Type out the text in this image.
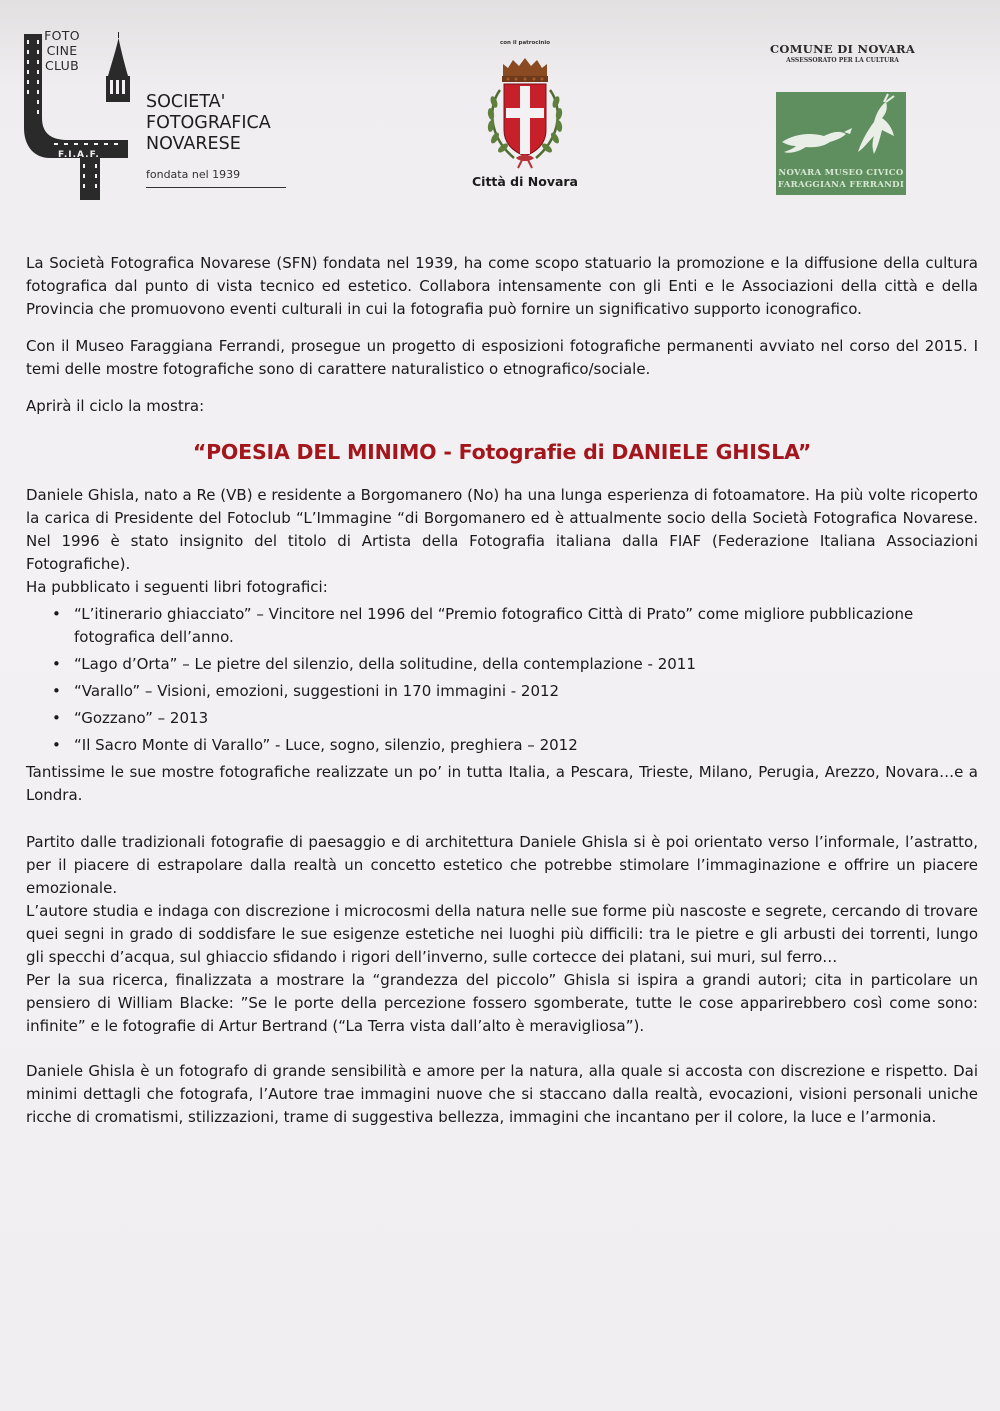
FOTO
CINE
CLUB
F.I.A.F.
SOCIETA'
FOTOGRAFICA
NOVARESE
fondata nel 1939
con il patrocinio
Città di Novara
COMUNE DI NOVARA
ASSESSORATO PER LA CULTURA
NOVARA MUSEO CIVICO
FARAGGIANA FERRANDI

La Società Fotografica Novarese (SFN) fondata nel 1939, ha come scopo statuario la promozione e la diffusione della cultura fotografica dal punto di vista tecnico ed estetico. Collabora intensamente con gli Enti e le Associazioni della città e della Provincia che promuovono eventi culturali in cui la fotografia può fornire un significativo supporto iconografico.

Con il Museo Faraggiana Ferrandi, prosegue un progetto di esposizioni fotografiche permanenti avviato nel corso del 2015. I temi delle mostre fotografiche sono di carattere naturalistico o etnografico/sociale.

Aprirà il ciclo la mostra:

“POESIA DEL MINIMO - Fotografie di DANIELE GHISLA”

Daniele Ghisla, nato a Re (VB) e residente a Borgomanero (No) ha una lunga esperienza di fotoamatore. Ha più volte ricoperto la carica di Presidente del Fotoclub “L’Immagine “di Borgomanero ed è attualmente socio della Società Fotografica Novarese. Nel 1996 è stato insignito del titolo di Artista della Fotografia italiana dalla FIAF (Federazione Italiana Associazioni Fotografiche).

Ha pubblicato i seguenti libri fotografici:

• “L’itinerario ghiacciato” – Vincitore nel 1996 del “Premio fotografico Città di Prato” come migliore pubblicazione fotografica dell’anno.
• “Lago d’Orta” – Le pietre del silenzio, della solitudine, della contemplazione - 2011
• “Varallo” – Visioni, emozioni, suggestioni in 170 immagini - 2012
• “Gozzano” – 2013
• “Il Sacro Monte di Varallo” - Luce, sogno, silenzio, preghiera – 2012

Tantissime le sue mostre fotografiche realizzate un po’ in tutta Italia, a Pescara, Trieste, Milano, Perugia, Arezzo, Novara…e a Londra.

Partito dalle tradizionali fotografie di paesaggio e di architettura Daniele Ghisla si è poi orientato verso l’informale, l’astratto, per il piacere di estrapolare dalla realtà un concetto estetico che potrebbe stimolare l’immaginazione e offrire un piacere emozionale.

L’autore studia e indaga con discrezione i microcosmi della natura nelle sue forme più nascoste e segrete, cercando di trovare quei segni in grado di soddisfare le sue esigenze estetiche nei luoghi più difficili: tra le pietre e gli arbusti dei torrenti, lungo gli specchi d’acqua, sul ghiaccio sfidando i rigori dell’inverno, sulle cortecce dei platani, sui muri, sul ferro…

Per la sua ricerca, finalizzata a mostrare la “grandezza del piccolo” Ghisla si ispira a grandi autori; cita in particolare un pensiero di William Blacke: ”Se le porte della percezione fossero sgomberate, tutte le cose apparirebbero così come sono: infinite” e le fotografie di Artur Bertrand (“La Terra vista dall’alto è meravigliosa”).

Daniele Ghisla è un fotografo di grande sensibilità e amore per la natura, alla quale si accosta con discrezione e rispetto. Dai minimi dettagli che fotografa, l’Autore trae immagini nuove che si staccano dalla realtà, evocazioni, visioni personali uniche ricche di cromatismi, stilizzazioni, trame di suggestiva bellezza, immagini che incantano per il colore, la luce e l’armonia.
